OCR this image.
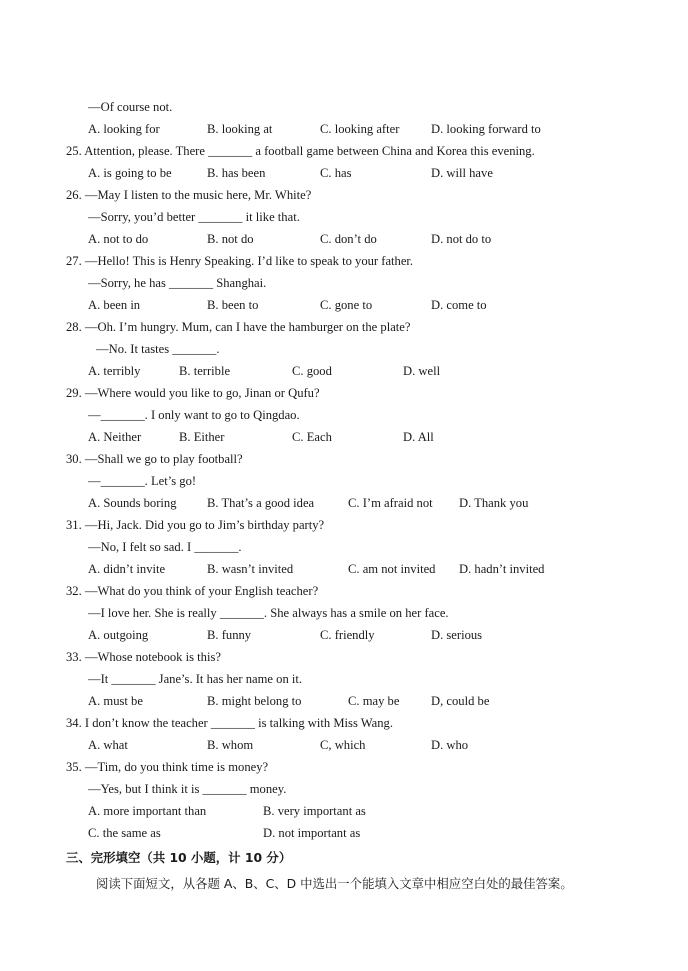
—Of course not.
A. looking for	B. looking at	C. looking after	D. looking forward to
25. Attention, please. There _______ a football game between China and Korea this evening.
A. is going to be	B. has been	C. has	D. will have
26. —May I listen to the music here, Mr. White?
—Sorry, you’d better _______ it like that.
A. not to do	B. not do	C. don’t do	D. not do to
27. —Hello! This is Henry Speaking. I’d like to speak to your father.
—Sorry, he has _______ Shanghai.
A. been in	B. been to	C. gone to	D. come to
28. —Oh. I’m hungry. Mum, can I have the hamburger on the plate?
—No. It tastes _______.
A. terribly	B. terrible	C. good	D. well
29. —Where would you like to go, Jinan or Qufu?
—_______. I only want to go to Qingdao.
A. Neither	B. Either	C. Each	D. All
30. —Shall we go to play football?
—_______. Let’s go!
A. Sounds boring B. That’s a good idea	C. I’m afraid not D. Thank you
31. —Hi, Jack. Did you go to Jim’s birthday party?
—No, I felt so sad. I _______.
A. didn’t invite	B. wasn’t invited	C. am not invited D. hadn’t invited
32. —What do you think of your English teacher?
—I love her. She is really _______. She always has a smile on her face.
A. outgoing	B. funny	C. friendly	D. serious
33. —Whose notebook is this?
—It _______ Jane’s. It has her name on it.
A. must be	B. might belong to	C. may be	D, could be
34. I don’t know the teacher _______ is talking with Miss Wang.
A. what	B. whom	C, which	D. who
35. —Tim, do you think time is money?
—Yes, but I think it is _______ money.
A. more important than	B. very important as
C. the same as	D. not important as
三、完形填空（共 10 小题，计 10 分）
阅读下面短文，从各题 A、B、C、D 中选出一个能填入文章中相应空白处的最佳答案。
